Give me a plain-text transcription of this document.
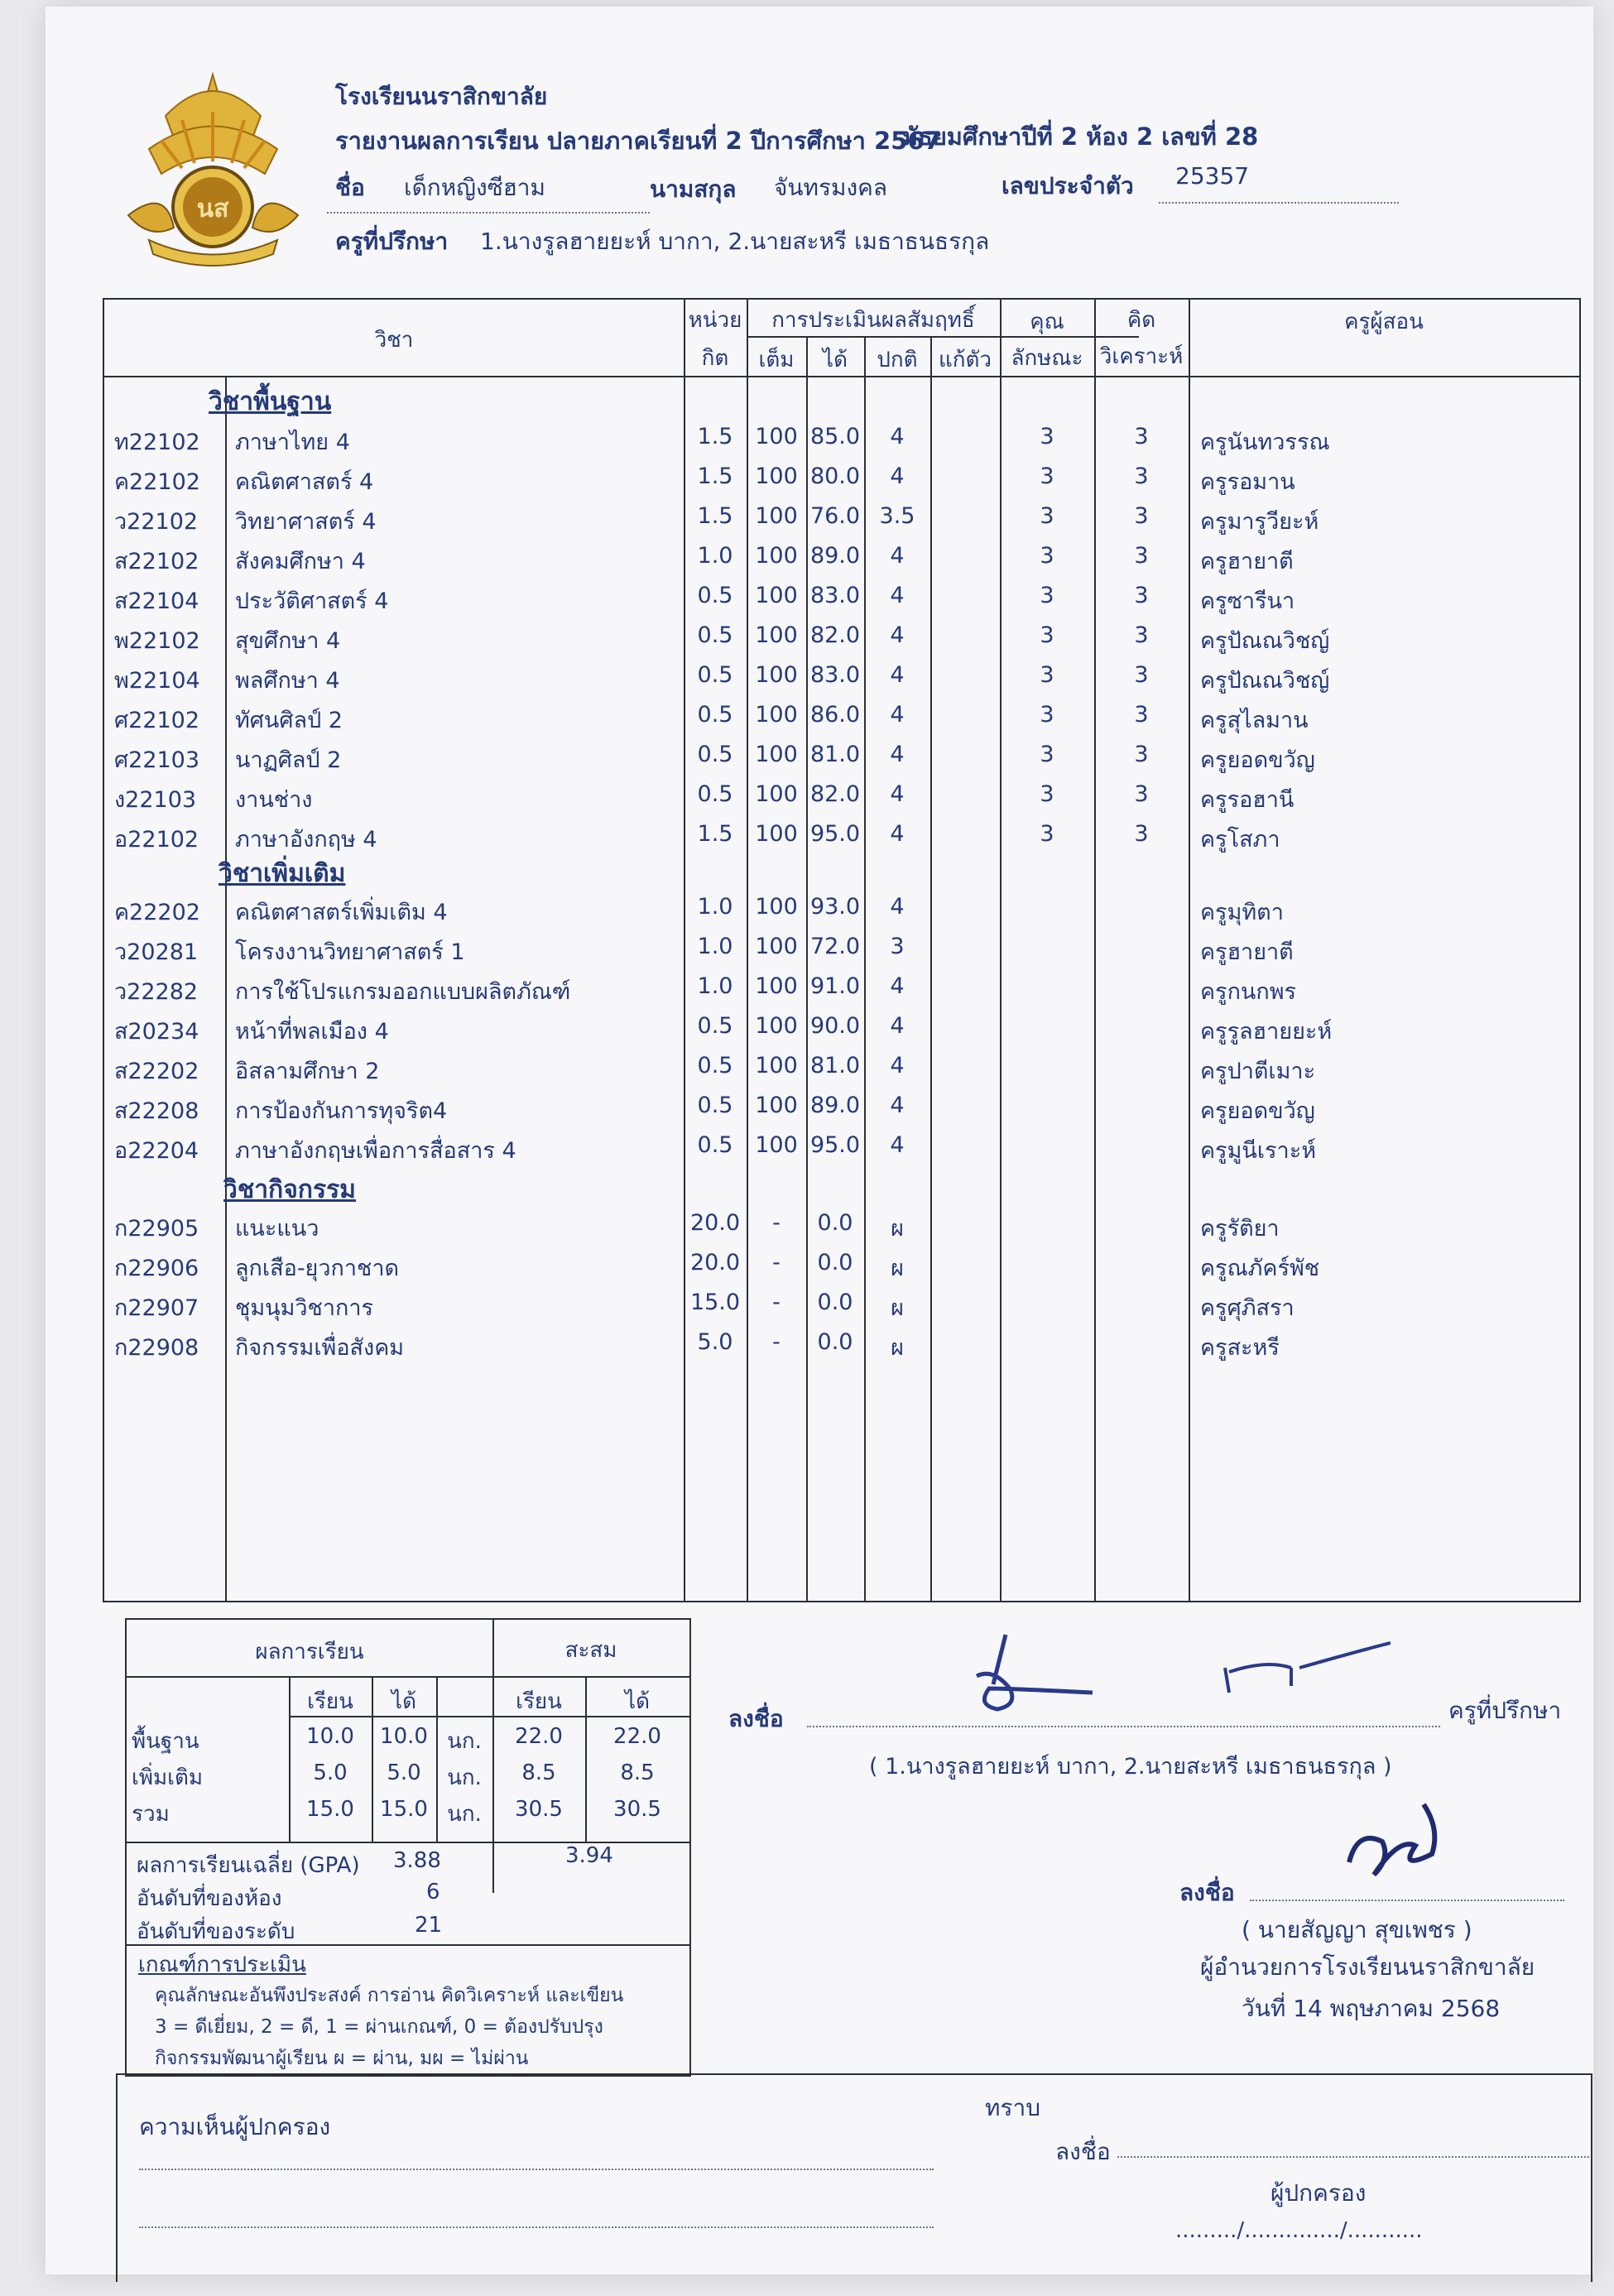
นส
โรงเรียนนราสิกขาลัย
รายงานผลการเรียน ปลายภาคเรียนที่ 2 ปีการศึกษา 2567
มัธยมศึกษาปีที่ 2 ห้อง 2 เลขที่ 28
ชื่อ เด็กหญิงซีฮาม	นามสกุล จันทรมงคล	เลขประจำตัว 25357
ครูที่ปรึกษา 1.นางรูลฮายยะห์ บากา, 2.นายสะหรี เมธาธนธรกุล
วิชา
หน่วย
กิต
การประเมินผลสัมฤทธิ์
เต็ม	ได้	ปกติ แก้ตัว
คุณ
ลักษณะ
คิด
วิเคราะห์
ครูผู้สอน
วิชาพื้นฐาน
วิชาเพิ่มเติม
วิชากิจกรรม
ท22102	ภาษาไทย 4	1.5 100 85.0	4	3	3	ครูนันทวรรณ
ค22102	คณิตศาสตร์ 4	1.5 100 80.0	4	3	3	ครูรอมาน
ว22102	วิทยาศาสตร์ 4	1.5 100 76.0 3.5	3	3	ครูมารูวียะห์
ส22102	สังคมศึกษา 4	1.0 100 89.0	4	3	3	ครูฮายาตี
ส22104	ประวัติศาสตร์ 4	0.5 100 83.0	4	3	3	ครูซารีนา
พ22102	สุขศึกษา 4	0.5 100 82.0	4	3	3	ครูปัณณวิชญ์
พ22104	พลศึกษา 4	0.5 100 83.0	4	3	3	ครูปัณณวิชญ์
ศ22102	ทัศนศิลป์ 2	0.5 100 86.0	4	3	3	ครูสุไลมาน
ศ22103	นาฏศิลป์ 2	0.5 100 81.0	4	3	3	ครูยอดขวัญ
ง22103	งานช่าง	0.5 100 82.0	4	3	3	ครูรอฮานี
อ22102	ภาษาอังกฤษ 4	1.5 100 95.0	4	3	3	ครูโสภา
ค22202	คณิตศาสตร์เพิ่มเติม 4	1.0 100 93.0	4	ครูมุทิตา
ว20281	โครงงานวิทยาศาสตร์ 1	1.0 100 72.0	3	ครูฮายาตี
ว22282	การใช้โปรแกรมออกแบบผลิตภัณฑ์	1.0 100 91.0	4	ครูกนกพร
ส20234	หน้าที่พลเมือง 4	0.5 100 90.0	4	ครูรูลฮายยะห์
ส22202	อิสลามศึกษา 2	0.5 100 81.0	4	ครูปาตีเมาะ
ส22208	การป้องกันการทุจริต4	0.5 100 89.0	4	ครูยอดขวัญ
อ22204	ภาษาอังกฤษเพื่อการสื่อสาร 4	0.5 100 95.0	4	ครูมูนีเราะห์
ก22905	แนะแนว	20.0	-	0.0	ผ	ครูรัติยา
ก22906	ลูกเสือ-ยุวกาชาด	20.0	-	0.0	ผ	ครูณภัคร์พัช
ก22907	ชุมนุมวิชาการ	15.0	-	0.0	ผ	ครูศุภิสรา
ก22908	กิจกรรมเพื่อสังคม	5.0	-	0.0	ผ	ครูสะหรี
ผลการเรียน	สะสม
เรียน	ได้	เรียน	ได้
พื้นฐาน	10.0	10.0 นก.	22.0	22.0
เพิ่มเติม	5.0	5.0	นก.	8.5	8.5
รวม	15.0	15.0 นก.	30.5	30.5
ผลการเรียนเฉลี่ย (GPA) 3.88	3.94
อันดับที่ของห้อง	6
อันดับที่ของระดับ	21
เกณฑ์การประเมิน
คุณลักษณะอันพึงประสงค์ การอ่าน คิดวิเคราะห์ และเขียน
3 = ดีเยี่ยม, 2 = ดี, 1 = ผ่านเกณฑ์, 0 = ต้องปรับปรุง
กิจกรรมพัฒนาผู้เรียน ผ = ผ่าน, มผ = ไม่ผ่าน
ลงชื่อ	ครูที่ปรึกษา
( 1.นางรูลฮายยะห์ บากา, 2.นายสะหรี เมธาธนธรกุล )
ลงชื่อ
( นายสัญญา สุขเพชร )
ผู้อำนวยการโรงเรียนนราสิกขาลัย
วันที่ 14 พฤษภาคม 2568
ความเห็นผู้ปกครอง
ทราบ
ลงชื่อ
ผู้ปกครอง
........./............../...........
